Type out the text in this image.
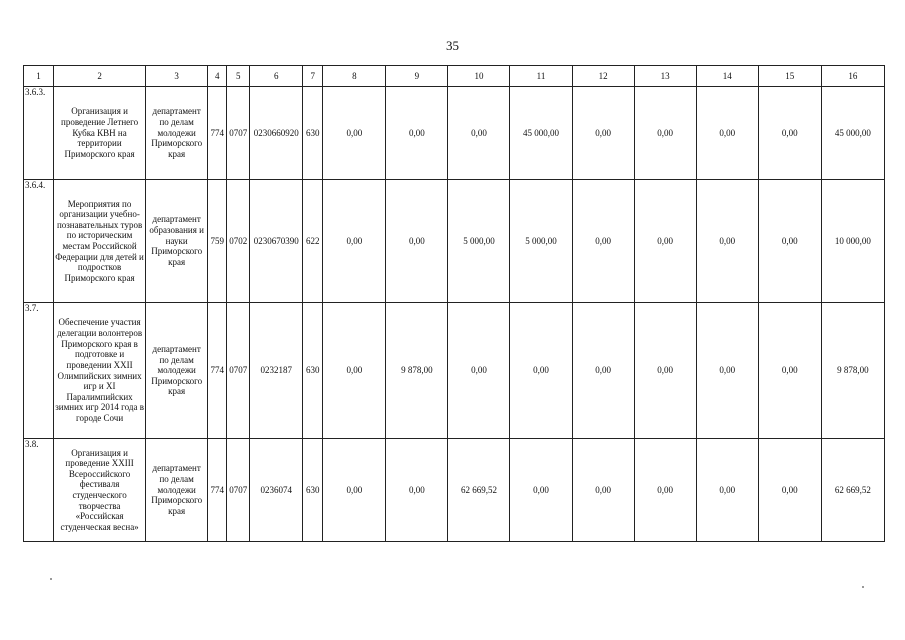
35
1	2	3	4	5	6	7	8	9	10	11	12	13	14	15	16
3.6.3.	Организация и проведение Летнего Кубка КВН на территории Приморского края	департамент по делам молодежи Приморского края	774	0707	0230660920	630	0,00	0,00	0,00	45 000,00	0,00	0,00	0,00	0,00	45 000,00
3.6.4.	Мероприятия по организации учебно-познавательных туров по историческим местам Российской Федерации для детей и подростков Приморского края	департамент образования и науки Приморского края	759	0702	0230670390	622	0,00	0,00	5 000,00	5 000,00	0,00	0,00	0,00	0,00	10 000,00
3.7.	Обеспечение участия делегации волонтеров Приморского края в подготовке и проведении XXII Олимпийских зимних игр и XI Паралимпийских зимних игр 2014 года в городе Сочи	департамент по делам молодежи Приморского края	774	0707	0232187	630	0,00	9 878,00	0,00	0,00	0,00	0,00	0,00	0,00	9 878,00
3.8.	Организация и проведение XXIII Всероссийского фестиваля студенческого творчества «Российская студенческая весна»	департамент по делам молодежи Приморского края	774	0707	0236074	630	0,00	0,00	62 669,52	0,00	0,00	0,00	0,00	0,00	62 669,52
